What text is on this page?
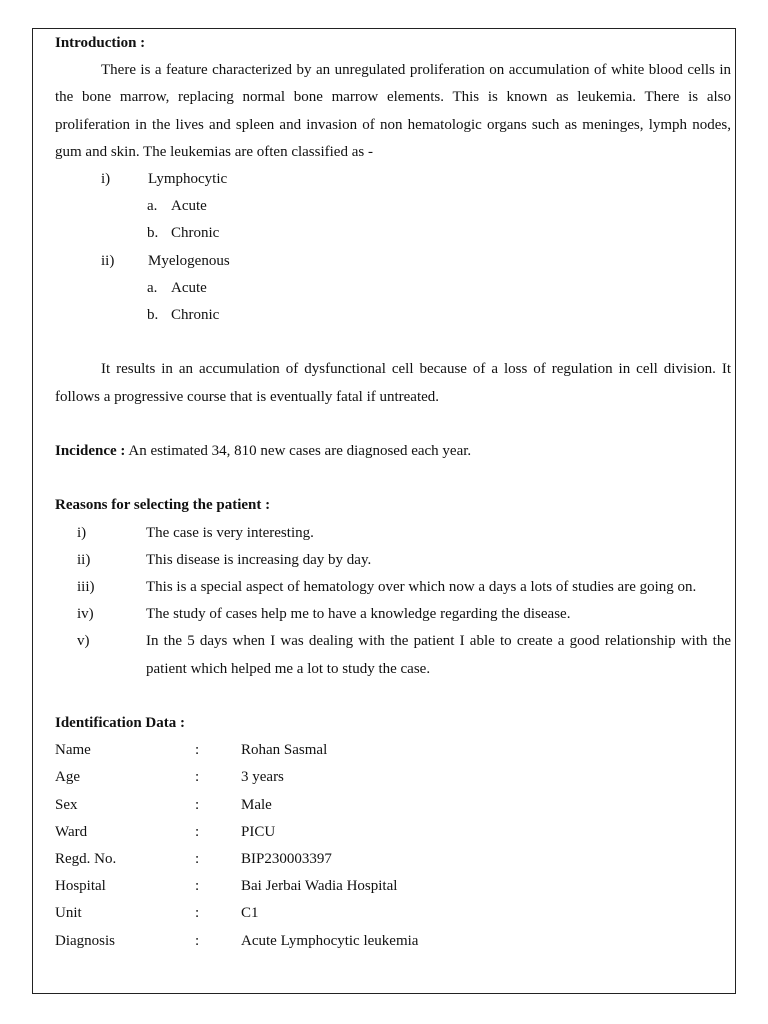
Introduction :

There is a feature characterized by an unregulated proliferation on accumulation of white blood cells in the bone marrow, replacing normal bone marrow elements. This is known as leukemia. There is also proliferation in the lives and spleen and invasion of non hematologic organs such as meninges, lymph nodes, gum and skin. The leukemias are often classified as -

i)	Lymphocytic
a. Acute
b. Chronic
ii)	Myelogenous
a. Acute
b. Chronic

It results in an accumulation of dysfunctional cell because of a loss of regulation in cell division. It follows a progressive course that is eventually fatal if untreated.

Incidence : An estimated 34, 810 new cases are diagnosed each year.

Reasons for selecting the patient :

i)	The case is very interesting.
ii)	This disease is increasing day by day.
iii)	This is a special aspect of hematology over which now a days a lots of studies are going on.
iv)	The study of cases help me to have a knowledge regarding the disease.
v)	In the 5 days when I was dealing with the patient I able to create a good relationship with the patient which helped me a lot to study the case.

Identification Data :

Name	:	Rohan Sasmal
Age	:	3 years
Sex	:	Male
Ward	:	PICU
Regd. No.	:	BIP230003397
Hospital	:	Bai Jerbai Wadia Hospital
Unit	:	C1
Diagnosis	:	Acute Lymphocytic leukemia
